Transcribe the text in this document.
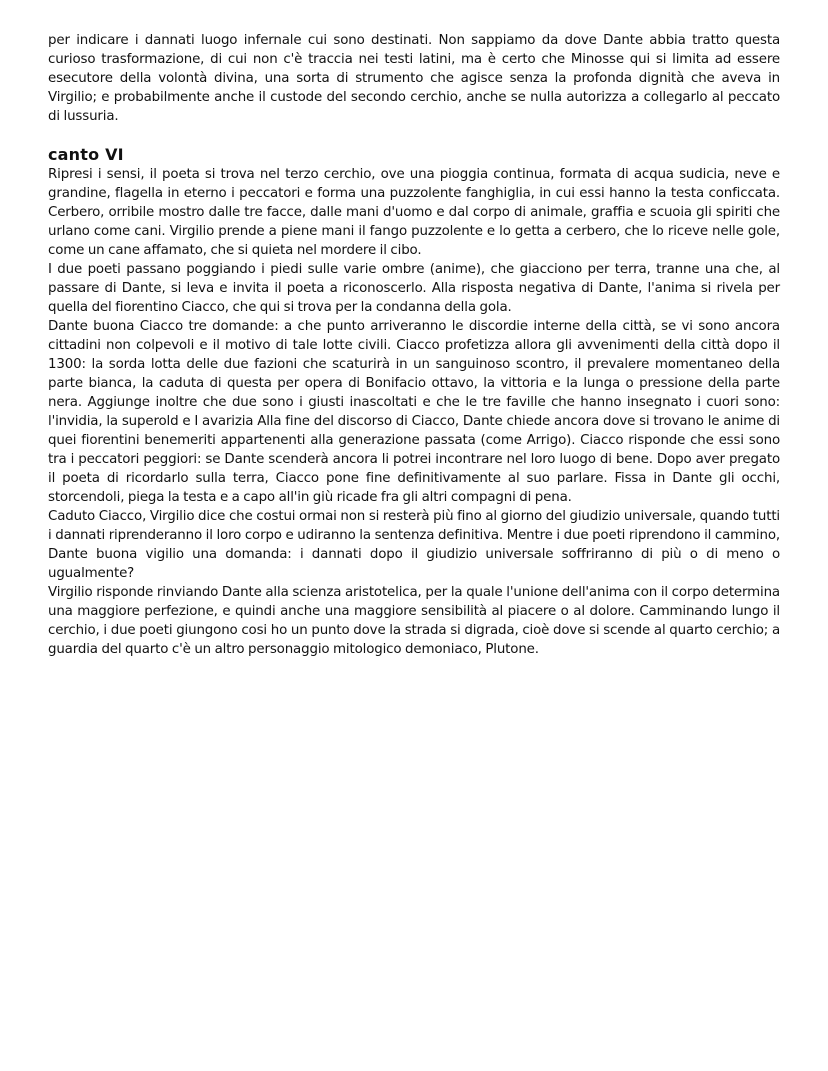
per indicare i dannati luogo infernale cui sono destinati. Non sappiamo da dove Dante abbia tratto questa curioso trasformazione, di cui non c'è traccia nei testi latini, ma è certo che Minosse qui si limita ad essere esecutore della volontà divina, una sorta di strumento che agisce senza la profonda dignità che aveva in Virgilio; e probabilmente anche il custode del secondo cerchio, anche se nulla autorizza a collegarlo al peccato di lussuria.

canto VI

Ripresi i sensi, il poeta si trova nel terzo cerchio, ove una pioggia continua, formata di acqua sudicia, neve e grandine, flagella in eterno i peccatori e forma una puzzolente fanghiglia, in cui essi hanno la testa conficcata. Cerbero, orribile mostro dalle tre facce, dalle mani d'uomo e dal corpo di animale, graffia e scuoia gli spiriti che urlano come cani. Virgilio prende a piene mani il fango puzzolente e lo getta a cerbero, che lo riceve nelle gole, come un cane affamato, che si quieta nel mordere il cibo.

I due poeti passano poggiando i piedi sulle varie ombre (anime), che giacciono per terra, tranne una che, al passare di Dante, si leva e invita il poeta a riconoscerlo. Alla risposta negativa di Dante, l'anima si rivela per quella del fiorentino Ciacco, che qui si trova per la condanna della gola.

Dante buona Ciacco tre domande: a che punto arriveranno le discordie interne della città, se vi sono ancora cittadini non colpevoli e il motivo di tale lotte civili. Ciacco profetizza allora gli avvenimenti della città dopo il 1300: la sorda lotta delle due fazioni che scaturirà in un sanguinoso scontro, il prevalere momentaneo della parte bianca, la caduta di questa per opera di Bonifacio ottavo, la vittoria e la lunga o pressione della parte nera. Aggiunge inoltre che due sono i giusti inascoltati e che le tre faville che hanno insegnato i cuori sono: l'invidia, la superold e I avarizia Alla fine del discorso di Ciacco, Dante chiede ancora dove si trovano le anime di quei fiorentini benemeriti appartenenti alla generazione passata (come Arrigo). Ciacco risponde che essi sono tra i peccatori peggiori: se Dante scenderà ancora li potrei incontrare nel loro luogo di bene. Dopo aver pregato il poeta di ricordarlo sulla terra, Ciacco pone fine definitivamente al suo parlare. Fissa in Dante gli occhi, storcendoli, piega la testa e a capo all'in giù ricade fra gli altri compagni di pena.

Caduto Ciacco, Virgilio dice che costui ormai non si resterà più fino al giorno del giudizio universale, quando tutti i dannati riprenderanno il loro corpo e udiranno la sentenza definitiva. Mentre i due poeti riprendono il cammino, Dante buona vigilio una domanda: i dannati dopo il giudizio universale soffriranno di più o di meno o ugualmente?

Virgilio risponde rinviando Dante alla scienza aristotelica, per la quale l'unione dell'anima con il corpo determina una maggiore perfezione, e quindi anche una maggiore sensibilità al piacere o al dolore. Camminando lungo il cerchio, i due poeti giungono cosi ho un punto dove la strada si digrada, cioè dove si scende al quarto cerchio; a guardia del quarto c'è un altro personaggio mitologico demoniaco, Plutone.
